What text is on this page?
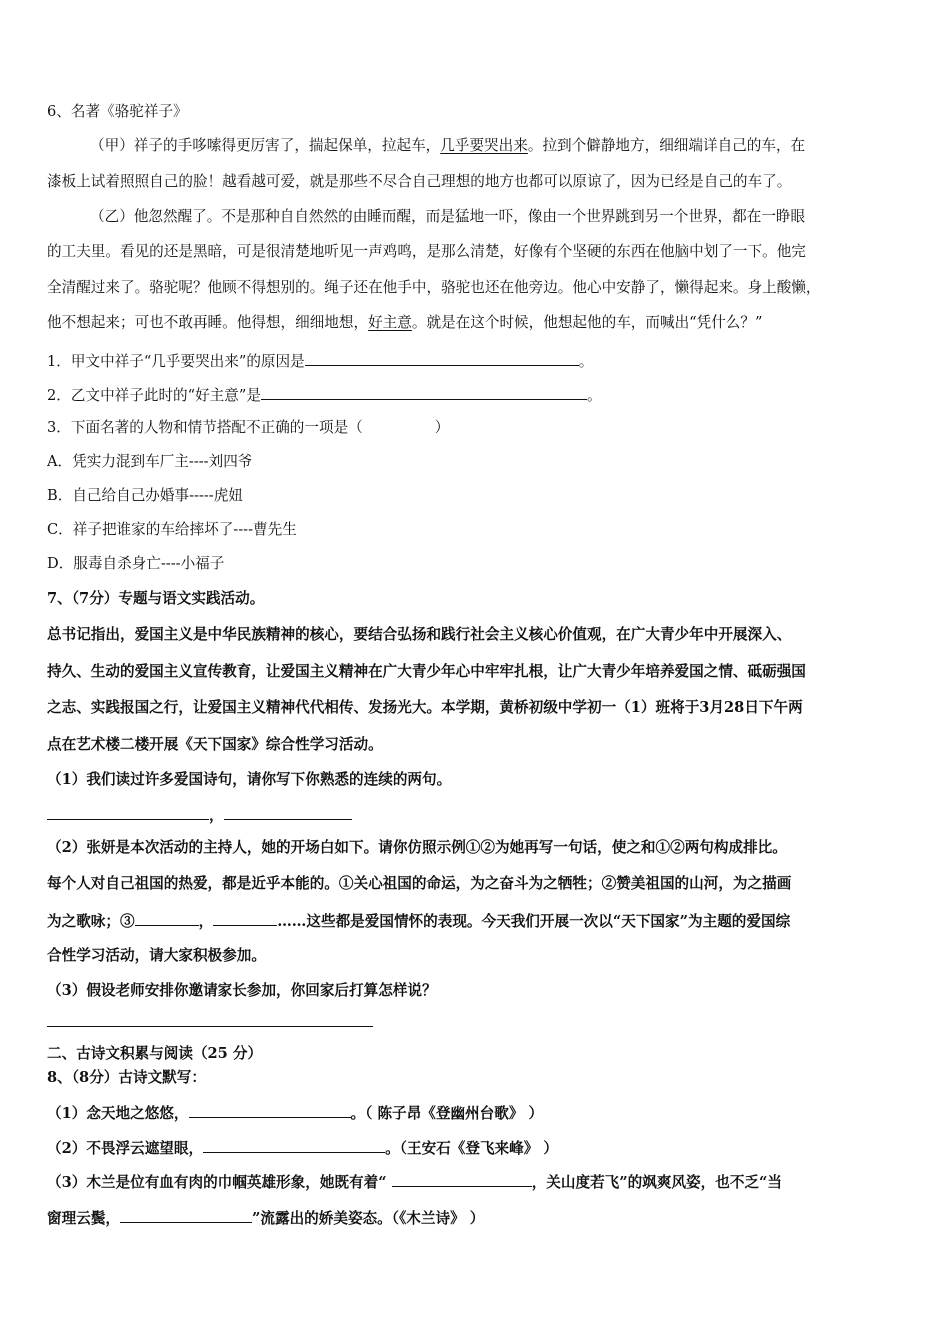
6、名著《骆驼祥子》
（甲）祥子的手哆嗦得更厉害了，揣起保单，拉起车，几乎要哭出来。拉到个僻静地方，细细端详自己的车，在
漆板上试着照照自己的脸！越看越可爱，就是那些不尽合自己理想的地方也都可以原谅了，因为已经是自己的车了。
（乙）他忽然醒了。不是那种自自然然的由睡而醒，而是猛地一吓，像由一个世界跳到另一个世界，都在一睁眼
的工夫里。看见的还是黑暗，可是很清楚地听见一声鸡鸣，是那么清楚，好像有个坚硬的东西在他脑中划了一下。他完
全清醒过来了。骆驼呢？他顾不得想别的。绳子还在他手中，骆驼也还在他旁边。他心中安静了，懒得起来。身上酸懒，
他不想起来；可也不敢再睡。他得想，细细地想，好主意。就是在这个时候，他想起他的车，而喊出“凭什么？”
1．甲文中祥子“几乎要哭出来”的原因是	。
2．乙文中祥子此时的“好主意”是	。
3．下面名著的人物和情节搭配不正确的一项是（	）
A．凭实力混到车厂主----刘四爷
B．自己给自己办婚事-----虎妞
C．祥子把谁家的车给摔坏了----曹先生
D．服毒自杀身亡----小福子
7、（7分）专题与语文实践活动。
总书记指出，爱国主义是中华民族精神的核心，要结合弘扬和践行社会主义核心价值观，在广大青少年中开展深入、
持久、生动的爱国主义宣传教育，让爱国主义精神在广大青少年心中牢牢扎根，让广大青少年培养爱国之情、砥砺强国
之志、实践报国之行，让爱国主义精神代代相传、发扬光大。本学期，黄桥初级中学初一（1）班将于3月28日下午两
点在艺术楼二楼开展《天下国家》综合性学习活动。
（1）我们读过许多爱国诗句，请你写下你熟悉的连续的两句。
，
（2）张妍是本次活动的主持人，她的开场白如下。请你仿照示例①②为她再写一句话，使之和①②两句构成排比。
每个人对自己祖国的热爱，都是近乎本能的。①关心祖国的命运，为之奋斗为之牺牲；②赞美祖国的山河，为之描画
为之歌咏；③	，	……这些都是爱国情怀的表现。今天我们开展一次以“天下国家”为主题的爱国综
合性学习活动，请大家积极参加。
（3）假设老师安排你邀请家长参加，你回家后打算怎样说？
二、古诗文积累与阅读（25 分）
8、（8分）古诗文默写：
（1）念天地之悠悠，	。（ 陈子昂《登幽州台歌》 ）
（2）不畏浮云遮望眼，	。（王安石《登飞来峰》 ）
（3）木兰是位有血有肉的巾帼英雄形象，她既有着“	，关山度若飞”的飒爽风姿，也不乏“当
窗理云鬓，	”流露出的娇美姿态。（《木兰诗》 ）
